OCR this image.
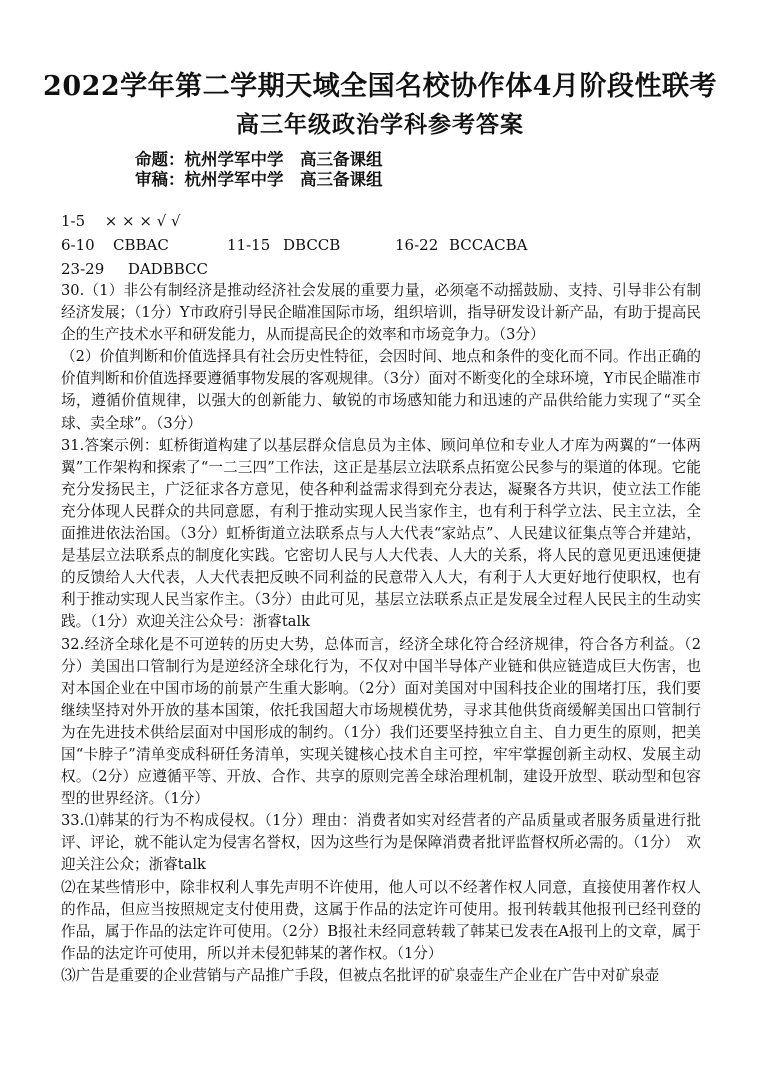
2022学年第二学期天域全国名校协作体4月阶段性联考
高三年级政治学科参考答案
命题：杭州学军中学　高三备课组
审稿：杭州学军中学　高三备课组
1-5 × × × √ √
6-10 CBBAC	11-15 DBCCB	16-22 BCCACBA
23-29 DADBBCC

30.（1）非公有制经济是推动经济社会发展的重要力量，必须毫不动摇鼓励、支持、引导非公有制经济发展；（1分）Y市政府引导民企瞄准国际市场，组织培训，指导研发设计新产品，有助于提高民企的生产技术水平和研发能力，从而提高民企的效率和市场竞争力。（3分）

（2）价值判断和价值选择具有社会历史性特征，会因时间、地点和条件的变化而不同。作出正确的价值判断和价值选择要遵循事物发展的客观规律。（3分）面对不断变化的全球环境，Y市民企瞄准市场，遵循价值规律，以强大的创新能力、敏锐的市场感知能力和迅速的产品供给能力实现了“买全球、卖全球”。（3分）

31.答案示例：虹桥街道构建了以基层群众信息员为主体、顾问单位和专业人才库为两翼的“一体两翼”工作架构和探索了“一二三四”工作法，这正是基层立法联系点拓宽公民参与的渠道的体现。它能充分发扬民主，广泛征求各方意见，使各种利益需求得到充分表达，凝聚各方共识，使立法工作能充分体现人民群众的共同意愿，有利于推动实现人民当家作主，也有利于科学立法、民主立法，全面推进依法治国。（3分）虹桥街道立法联系点与人大代表“家站点”、人民建议征集点等合并建站，是基层立法联系点的制度化实践。它密切人民与人大代表、人大的关系，将人民的意见更迅速便捷的反馈给人大代表，人大代表把反映不同利益的民意带入人大，有利于人大更好地行使职权，也有利于推动实现人民当家作主。（3分）由此可见，基层立法联系点正是发展全过程人民民主的生动实践。（1分）欢迎关注公众号：浙睿talk

32.经济全球化是不可逆转的历史大势，总体而言，经济全球化符合经济规律，符合各方利益。（2分）美国出口管制行为是逆经济全球化行为，不仅对中国半导体产业链和供应链造成巨大伤害，也对本国企业在中国市场的前景产生重大影响。（2分）面对美国对中国科技企业的围堵打压，我们要继续坚持对外开放的基本国策，依托我国超大市场规模优势，寻求其他供货商缓解美国出口管制行为在先进技术供给层面对中国形成的制约。（1分）我们还要坚持独立自主、自力更生的原则，把美国“卡脖子”清单变成科研任务清单，实现关键核心技术自主可控，牢牢掌握创新主动权、发展主动权。（2分）应遵循平等、开放、合作、共享的原则完善全球治理机制，建设开放型、联动型和包容型的世界经济。（1分）

33.⑴韩某的行为不构成侵权。（1分）理由：消费者如实对经营者的产品质量或者服务质量进行批评、评论，就不能认定为侵害名誉权，因为这些行为是保障消费者批评监督权所必需的。（1分）　欢迎关注公众；浙睿talk

⑵在某些情形中，除非权利人事先声明不许使用，他人可以不经著作权人同意，直接使用著作权人的作品，但应当按照规定支付使用费，这属于作品的法定许可使用。报刊转载其他报刊已经刊登的作品，属于作品的法定许可使用。（2分）B报社未经同意转载了韩某已发表在A报刊上的文章，属于作品的法定许可使用，所以并未侵犯韩某的著作权。（1分）

⑶广告是重要的企业营销与产品推广手段，但被点名批评的矿泉壶生产企业在广告中对矿泉壶
